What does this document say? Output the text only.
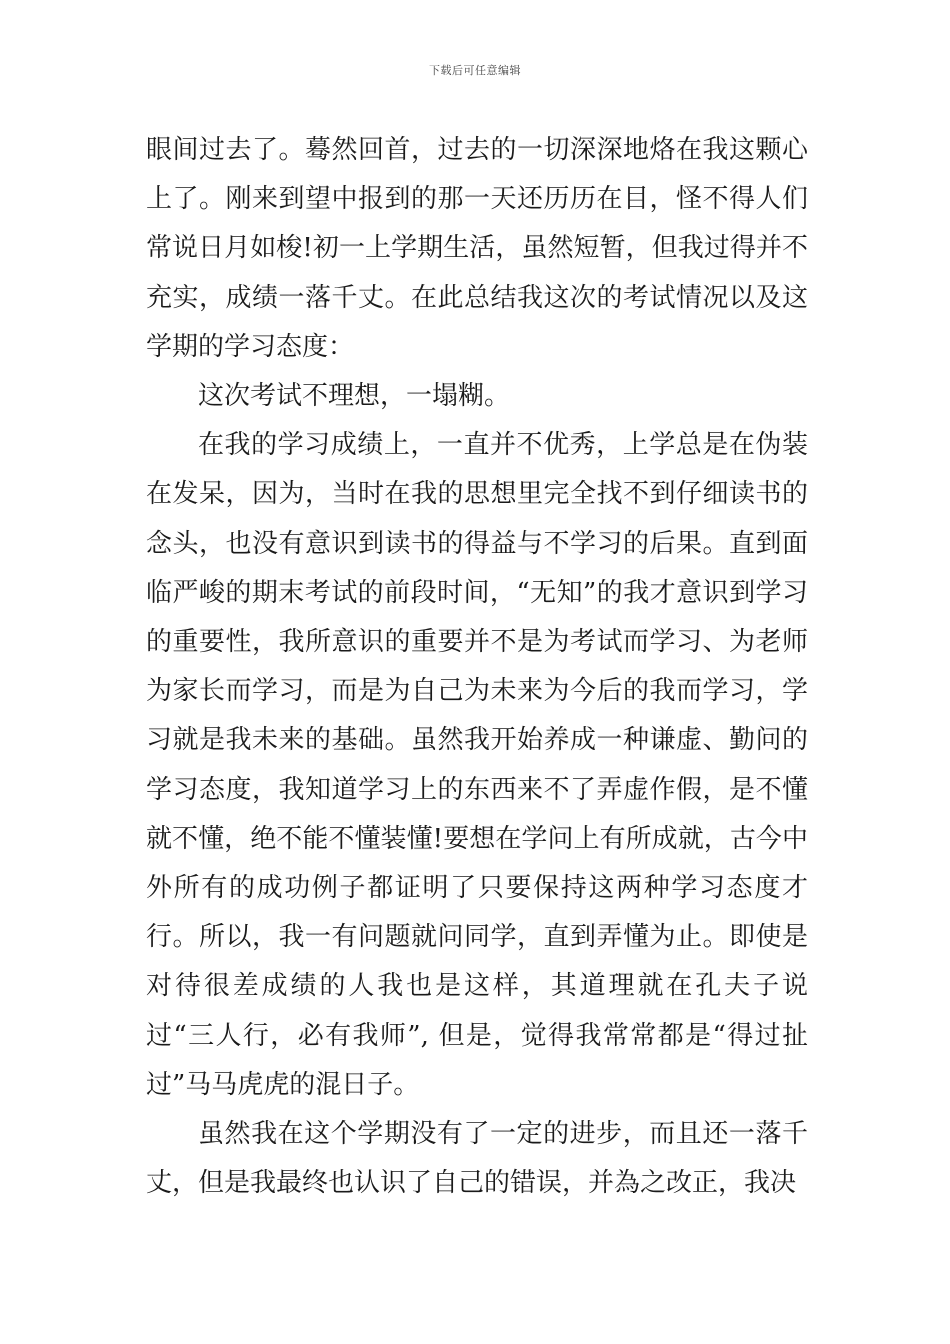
下载后可任意编辑

眼间过去了。蓦然回首，过去的一切深深地烙在我这颗心上了。刚来到望中报到的那一天还历历在目，怪不得人们常说日月如梭!初一上学期生活，虽然短暂，但我过得并不充实，成绩一落千丈。在此总结我这次的考试情况以及这学期的学习态度：

这次考试不理想，一塌糊。

在我的学习成绩上，一直并不优秀，上学总是在伪装在发呆，因为，当时在我的思想里完全找不到仔细读书的念头，也没有意识到读书的得益与不学习的后果。直到面临严峻的期末考试的前段时间，“无知”的我才意识到学习的重要性，我所意识的重要并不是为考试而学习、为老师为家长而学习，而是为自己为未来为今后的我而学习，学习就是我未来的基础。虽然我开始养成一种谦虚、勤问的学习态度，我知道学习上的东西来不了弄虚作假，是不懂就不懂，绝不能不懂装懂!要想在学问上有所成就，古今中外所有的成功例子都证明了只要保持这两种学习态度才行。所以，我一有问题就问同学，直到弄懂为止。即使是对待很差成绩的人我也是这样，其道理就在孔夫子说过“三人行，必有我师”, 但是，觉得我常常都是“得过扯过”马马虎虎的混日子。

虽然我在这个学期没有了一定的进步，而且还一落千丈，但是我最终也认识了自己的错误，并為之改正，我决
